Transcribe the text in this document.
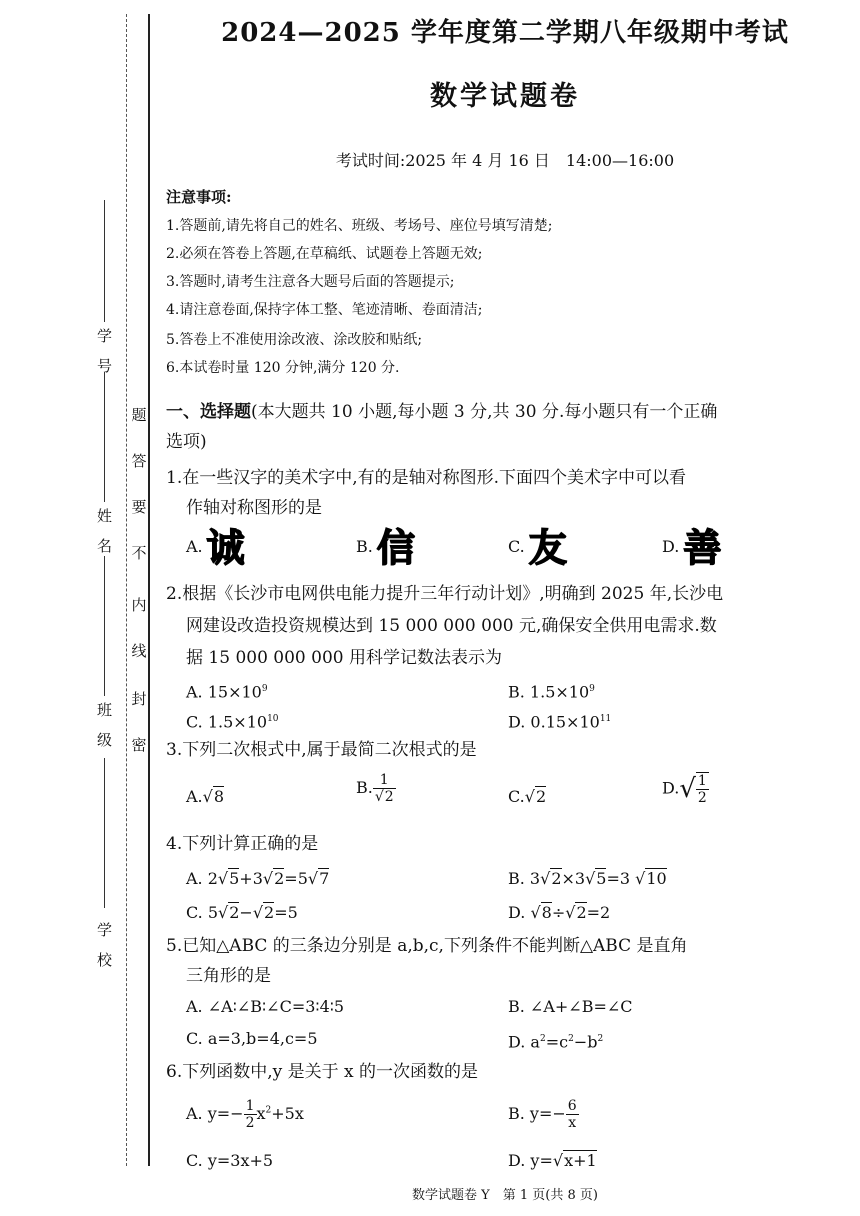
学　号
姓　名
班　级
学　校
题
答
要
不
内
线
封
密
2024—2025 学年度第二学期八年级期中考试
数学试题卷
考试时间:2025 年 4 月 16 日　14:00—16:00
注意事项:
1.答题前,请先将自己的姓名、班级、考场号、座位号填写清楚;
2.必须在答卷上答题,在草稿纸、试题卷上答题无效;
3.答题时,请考生注意各大题号后面的答题提示;
4.请注意卷面,保持字体工整、笔迹清晰、卷面清洁;
5.答卷上不准使用涂改液、涂改胶和贴纸;
6.本试卷时量 120 分钟,满分 120 分.
一、选择题(本大题共 10 小题,每小题 3 分,共 30 分.每小题只有一个正确
选项)
1.在一些汉字的美术字中,有的是轴对称图形.下面四个美术字中可以看
作轴对称图形的是
A. 诚	B. 信	C. 友	D. 善
2.根据《长沙市电网供电能力提升三年行动计划》,明确到 2025 年,长沙电
网建设改造投资规模达到 15 000 000 000 元,确保安全供用电需求.数
据 15 000 000 000 用科学记数法表示为
A. $15\times 10^9$	B. $1.5\times 10^9$
C. $1.5\times 10^{10}$	D. $0.15\times 10^{11}$
3.下列二次根式中,属于最简二次根式的是
A.√8	B. $\frac{1}{√2}$	C.√2	$D.√ \frac{1}{2}$
4.下列计算正确的是
A. 2√5+3√2=5√7	B. 3√2×3√5=3 √10
C. 5√2−√2=5	D. √8÷√2=2
5.已知△ABC 的三条边分别是 a,b,c,下列条件不能判断△ABC 是直角
三角形的是
A. ∠A∶∠B∶∠C=3∶4∶5	B. ∠A+∠B=∠C
C. a=3,b=4,c=5	D. $a^2=c^2-b^2$
6.下列函数中,y 是关于 x 的一次函数的是
A. $y=- \frac{1}{2} x^2+5x$	B. $y=- \frac{6}{x}$
C. y=3x+5	D. y=√x+1
数学试题卷 Y　第 1 页(共 8 页)
